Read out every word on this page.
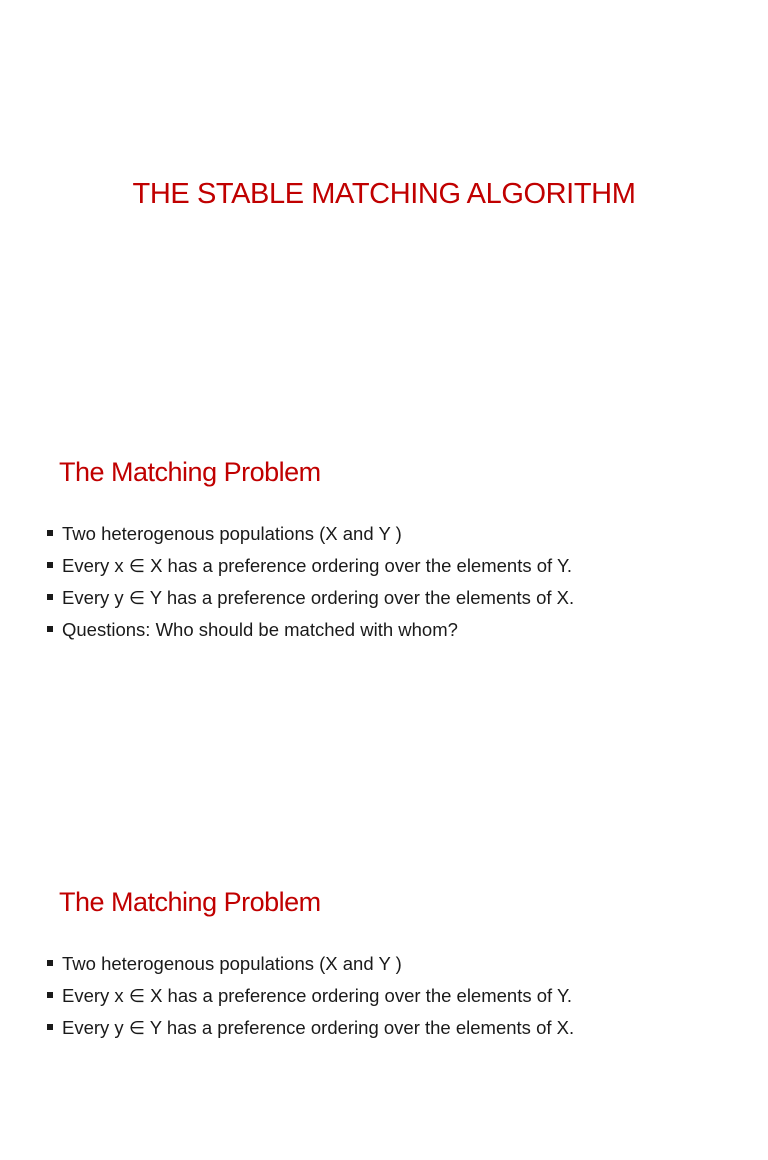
THE STABLE MATCHING ALGORITHM
The Matching Problem
Two heterogenous populations (X and Y )
Every x ∈ X has a preference ordering over the elements of Y.
Every y ∈ Y has a preference ordering over the elements of X.
Questions: Who should be matched with whom?
The Matching Problem
Two heterogenous populations (X and Y )
Every x ∈ X has a preference ordering over the elements of Y.
Every y ∈ Y has a preference ordering over the elements of X.
